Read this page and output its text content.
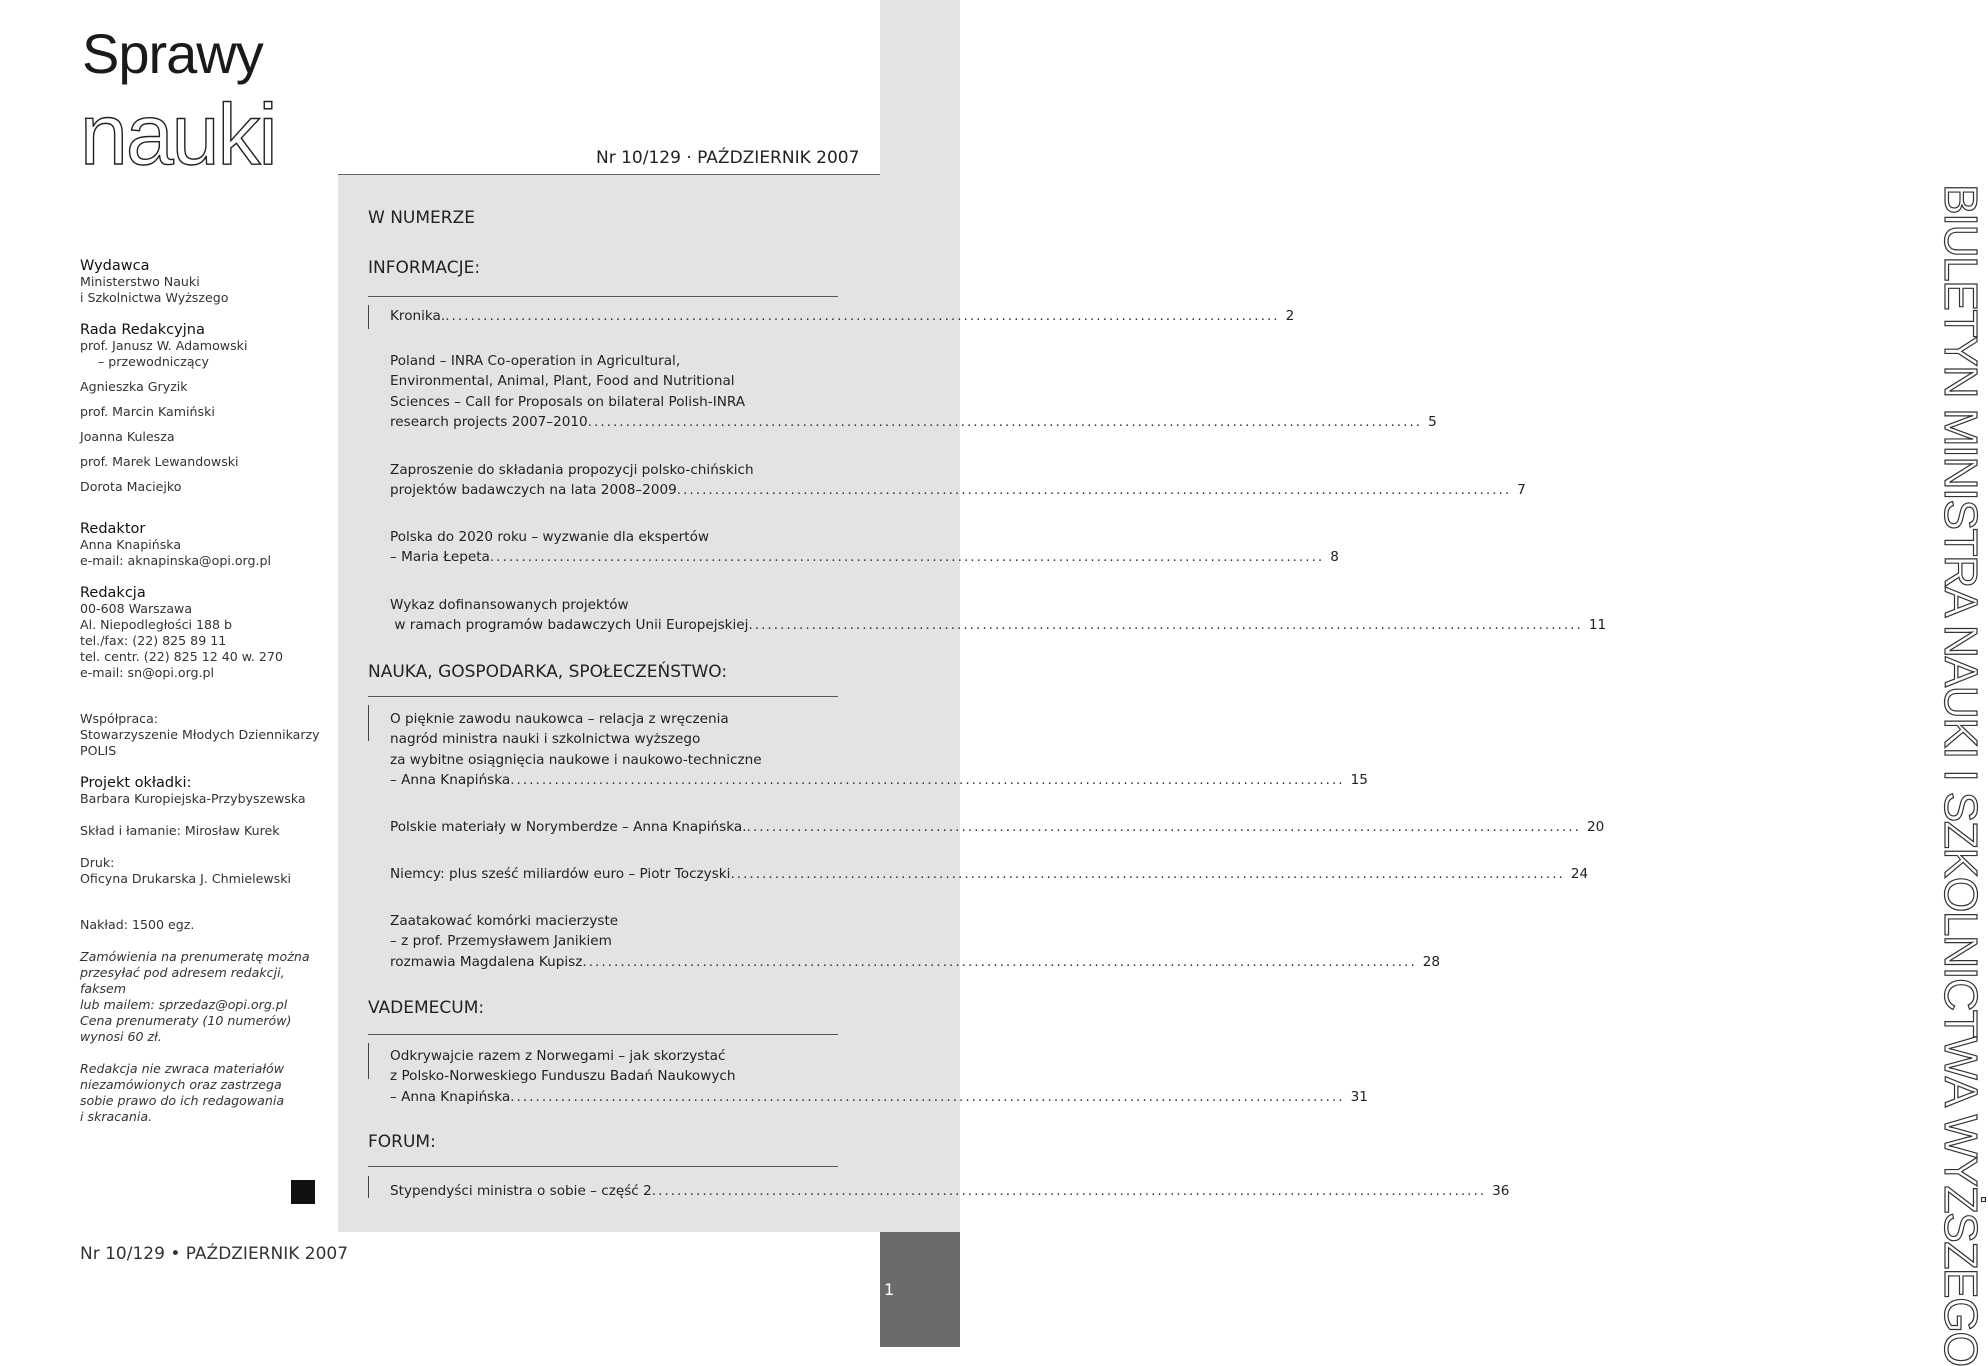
Sprawy
nauki	Nr 10/129 · PAŹDZIERNIK 2007
BIULETYN MINISTRA NAUKI I SZKOLNICTWA WYŻSZEGO
1
Wydawca
Ministerstwo Nauki
i Szkolnictwa Wyższego
Rada Redakcyjna
prof. Janusz W. Adamowski
– przewodniczący
Agnieszka Gryzik
prof. Marcin Kamiński
Joanna Kulesza
prof. Marek Lewandowski
Dorota Maciejko
Redaktor
Anna Knapińska
e-mail: aknapinska@opi.org.pl
Redakcja
00-608 Warszawa
Al. Niepodległości 188 b
tel./fax: (22) 825 89 11
tel. centr. (22) 825 12 40 w. 270
e-mail: sn@opi.org.pl
Współpraca:
Stowarzyszenie Młodych Dziennikarzy
POLIS
Projekt okładki:
Barbara Kuropiejska-Przybyszewska
Skład i łamanie: Mirosław Kurek
Druk:
Oficyna Drukarska J. Chmielewski
Nakład: 1500 egz.
Zamówienia na prenumeratę można
przesyłać pod adresem redakcji, faksem
lub mailem: sprzedaz@opi.org.pl
Cena prenumeraty (10 numerów)
wynosi 60 zł.
Redakcja nie zwraca materiałów
niezamówionych oraz zastrzega
sobie prawo do ich redagowania
i skracania.
W NUMERZE
INFORMACJE:
Kronika. .....	2
Poland – INRA Co-operation in Agricultural,
Environmental, Animal, Plant, Food and Nutritional
Sciences – Call for Proposals on bilateral Polish-INRA
research projects 2007–2010 .....	5
Zaproszenie do składania propozycji polsko-chińskich
projektów badawczych na lata 2008–2009 .....	7
Polska do 2020 roku – wyzwanie dla ekspertów
– Maria Łepeta .....	8
Wykaz dofinansowanych projektów
w ramach programów badawczych Unii Europejskiej .....	11
NAUKA, GOSPODARKA, SPOŁECZEŃSTWO:
O pięknie zawodu naukowca – relacja z wręczenia
nagród ministra nauki i szkolnictwa wyższego
za wybitne osiągnięcia naukowe i naukowo-techniczne
– Anna Knapińska .....	15
Polskie materiały w Norymberdze – Anna Knapińska. .....	20
Niemcy: plus sześć miliardów euro – Piotr Toczyski .....	24
Zaatakować komórki macierzyste
– z prof. Przemysławem Janikiem
rozmawia Magdalena Kupisz .....	28
VADEMECUM:
Odkrywajcie razem z Norwegami – jak skorzystać
z Polsko-Norweskiego Funduszu Badań Naukowych
– Anna Knapińska .....	31
FORUM:
Stypendyści ministra o sobie – część 2 .....	36
Nr 10/129 • PAŹDZIERNIK 2007
